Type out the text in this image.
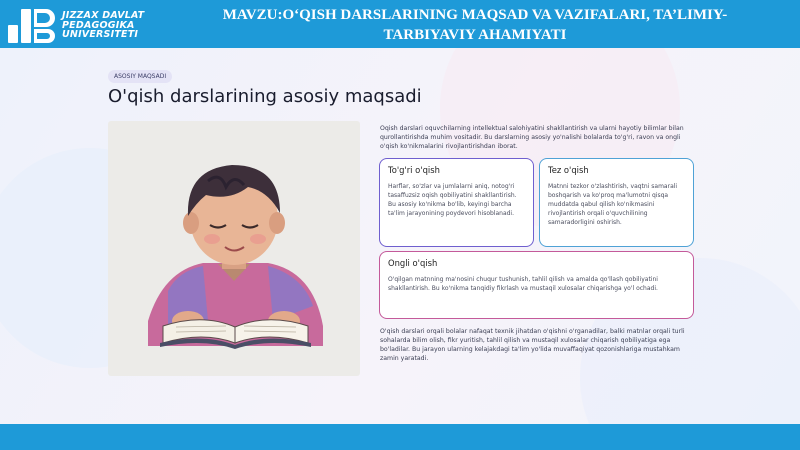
JIZZAX DAVLAT
PEDAGOGIKA
UNIVERSITETI
MAVZU:O‘QISH DARSLARINING MAQSAD VA VAZIFALARI, TA’LIMIY-
TARBIYAVIY AHAMIYATI
ASOSIY MAQSADI
O'qish darslarining asosiy maqsadi
Oqish darslari oquvchilarning intellektual salohiyatini shakllantirish va ularni hayotiy bilimlar bilan qurollantirishda muhim vositadir. Bu darslarning asosiy yo'nalishi bolalarda to'g'ri, ravon va ongli o'qish ko'nikmalarini rivojlantirishdan iborat.
To'g'ri o'qish
Harflar, so'zlar va jumlalarni aniq, notog'ri tasaffuzsiz oqish qobiliyatini shakllantirish. Bu asosiy ko'nikma bo'lib, keyingi barcha ta'lim jarayonining poydevori hisoblanadi.
Tez o'qish
Matnni tezkor o'zlashtirish, vaqtni samarali boshqarish va ko'proq ma'lumotni qisqa muddatda qabul qilish ko'nikmasini rivojlantirish orqali o'quvchilining samaradorligini oshirish.
Ongli o'qish
O'qilgan matnning ma'nosini chuqur tushunish, tahlil qilish va amalda qo'llash qobiliyatini shakllantirish. Bu ko'nikma tanqidiy fikrlash va mustaqil xulosalar chiqarishga yo'l ochadi.
O'qish darslari orqali bolalar nafaqat texnik jihatdan o'qishni o'rganadilar, balki matnlar orqali turli sohalarda bilim olish, fikr yuritish, tahlil qilish va mustaqil xulosalar chiqarish qobiliyatiga ega bo'ladilar. Bu jarayon ularning kelajakdagi ta'lim yo'lida muvaffaqiyat qozonishlariga mustahkam zamin yaratadi.
